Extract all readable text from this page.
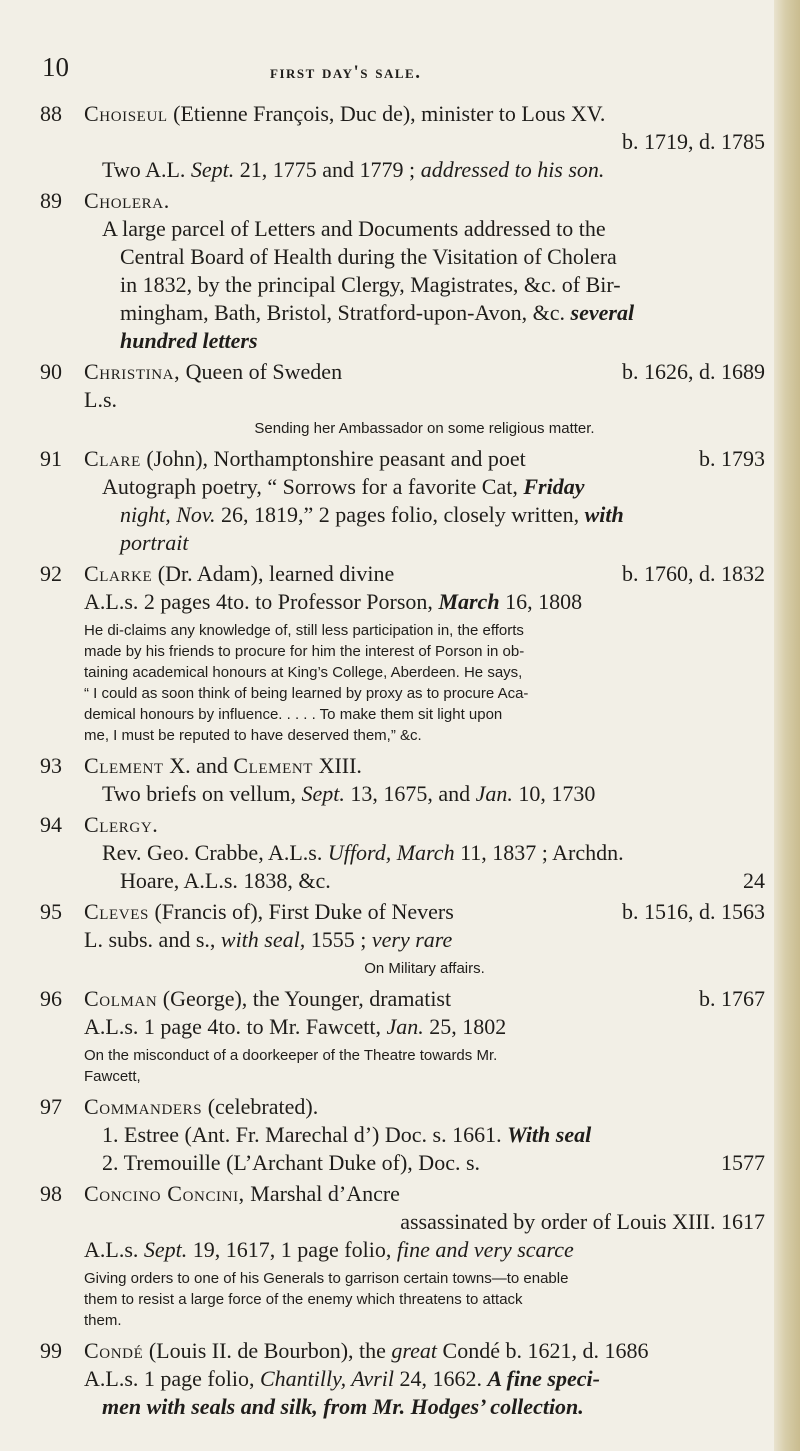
10	first day's sale.
88 Choiseul (Etienne François, Duc de), minister to Lous XV.
b. 1719, d. 1785
Two A.L. Sept. 21, 1775 and 1779 ; addressed to his son.
89 Cholera.
A large parcel of Letters and Documents addressed to the
Central Board of Health during the Visitation of Cholera
in 1832, by the principal Clergy, Magistrates, &c. of Bir-
mingham, Bath, Bristol, Stratford-upon-Avon, &c. several
hundred letters
90 Christina, Queen of Sweden	b. 1626, d. 1689
L.s.
Sending her Ambassador on some religious matter.
91 Clare (John), Northamptonshire peasant and poet	b. 1793
Autograph poetry, “ Sorrows for a favorite Cat, Friday
night, Nov. 26, 1819,” 2 pages folio, closely written, with
portrait
92 Clarke (Dr. Adam), learned divine	b. 1760, d. 1832
A.L.s. 2 pages 4to. to Professor Porson, March 16, 1808
He di-claims any knowledge of, still less participation in, the efforts
made by his friends to procure for him the interest of Porson in ob-
taining academical honours at King’s College, Aberdeen. He says,
“ I could as soon think of being learned by proxy as to procure Aca-
demical honours by influence. . . . . To make them sit light upon
me, I must be reputed to have deserved them,” &c.
93 Clement X. and Clement XIII.
Two briefs on vellum, Sept. 13, 1675, and Jan. 10, 1730
94 Clergy.
Rev. Geo. Crabbe, A.L.s. Ufford, March 11, 1837 ; Archdn.
Hoare, A.L.s. 1838, &c.	24
95 Cleves (Francis of), First Duke of Nevers	b. 1516, d. 1563
L. subs. and s., with seal, 1555 ; very rare
On Military affairs.
96 Colman (George), the Younger, dramatist	b. 1767
A.L.s. 1 page 4to. to Mr. Fawcett, Jan. 25, 1802
On the misconduct of a doorkeeper of the Theatre towards Mr.
Fawcett,
97 Commanders (celebrated).
1. Estree (Ant. Fr. Marechal d’) Doc. s. 1661. With seal
2. Tremouille (L’Archant Duke of), Doc. s.	1577
98 Concino Concini, Marshal d’Ancre
assassinated by order of Louis XIII. 1617
A.L.s. Sept. 19, 1617, 1 page folio, fine and very scarce
Giving orders to one of his Generals to garrison certain towns—to enable
them to resist a large force of the enemy which threatens to attack
them.
99 Condé (Louis II. de Bourbon), the great Condé b. 1621, d. 1686
A.L.s. 1 page folio, Chantilly, Avril 24, 1662. A fine speci-
men with seals and silk, from Mr. Hodges’ collection.
